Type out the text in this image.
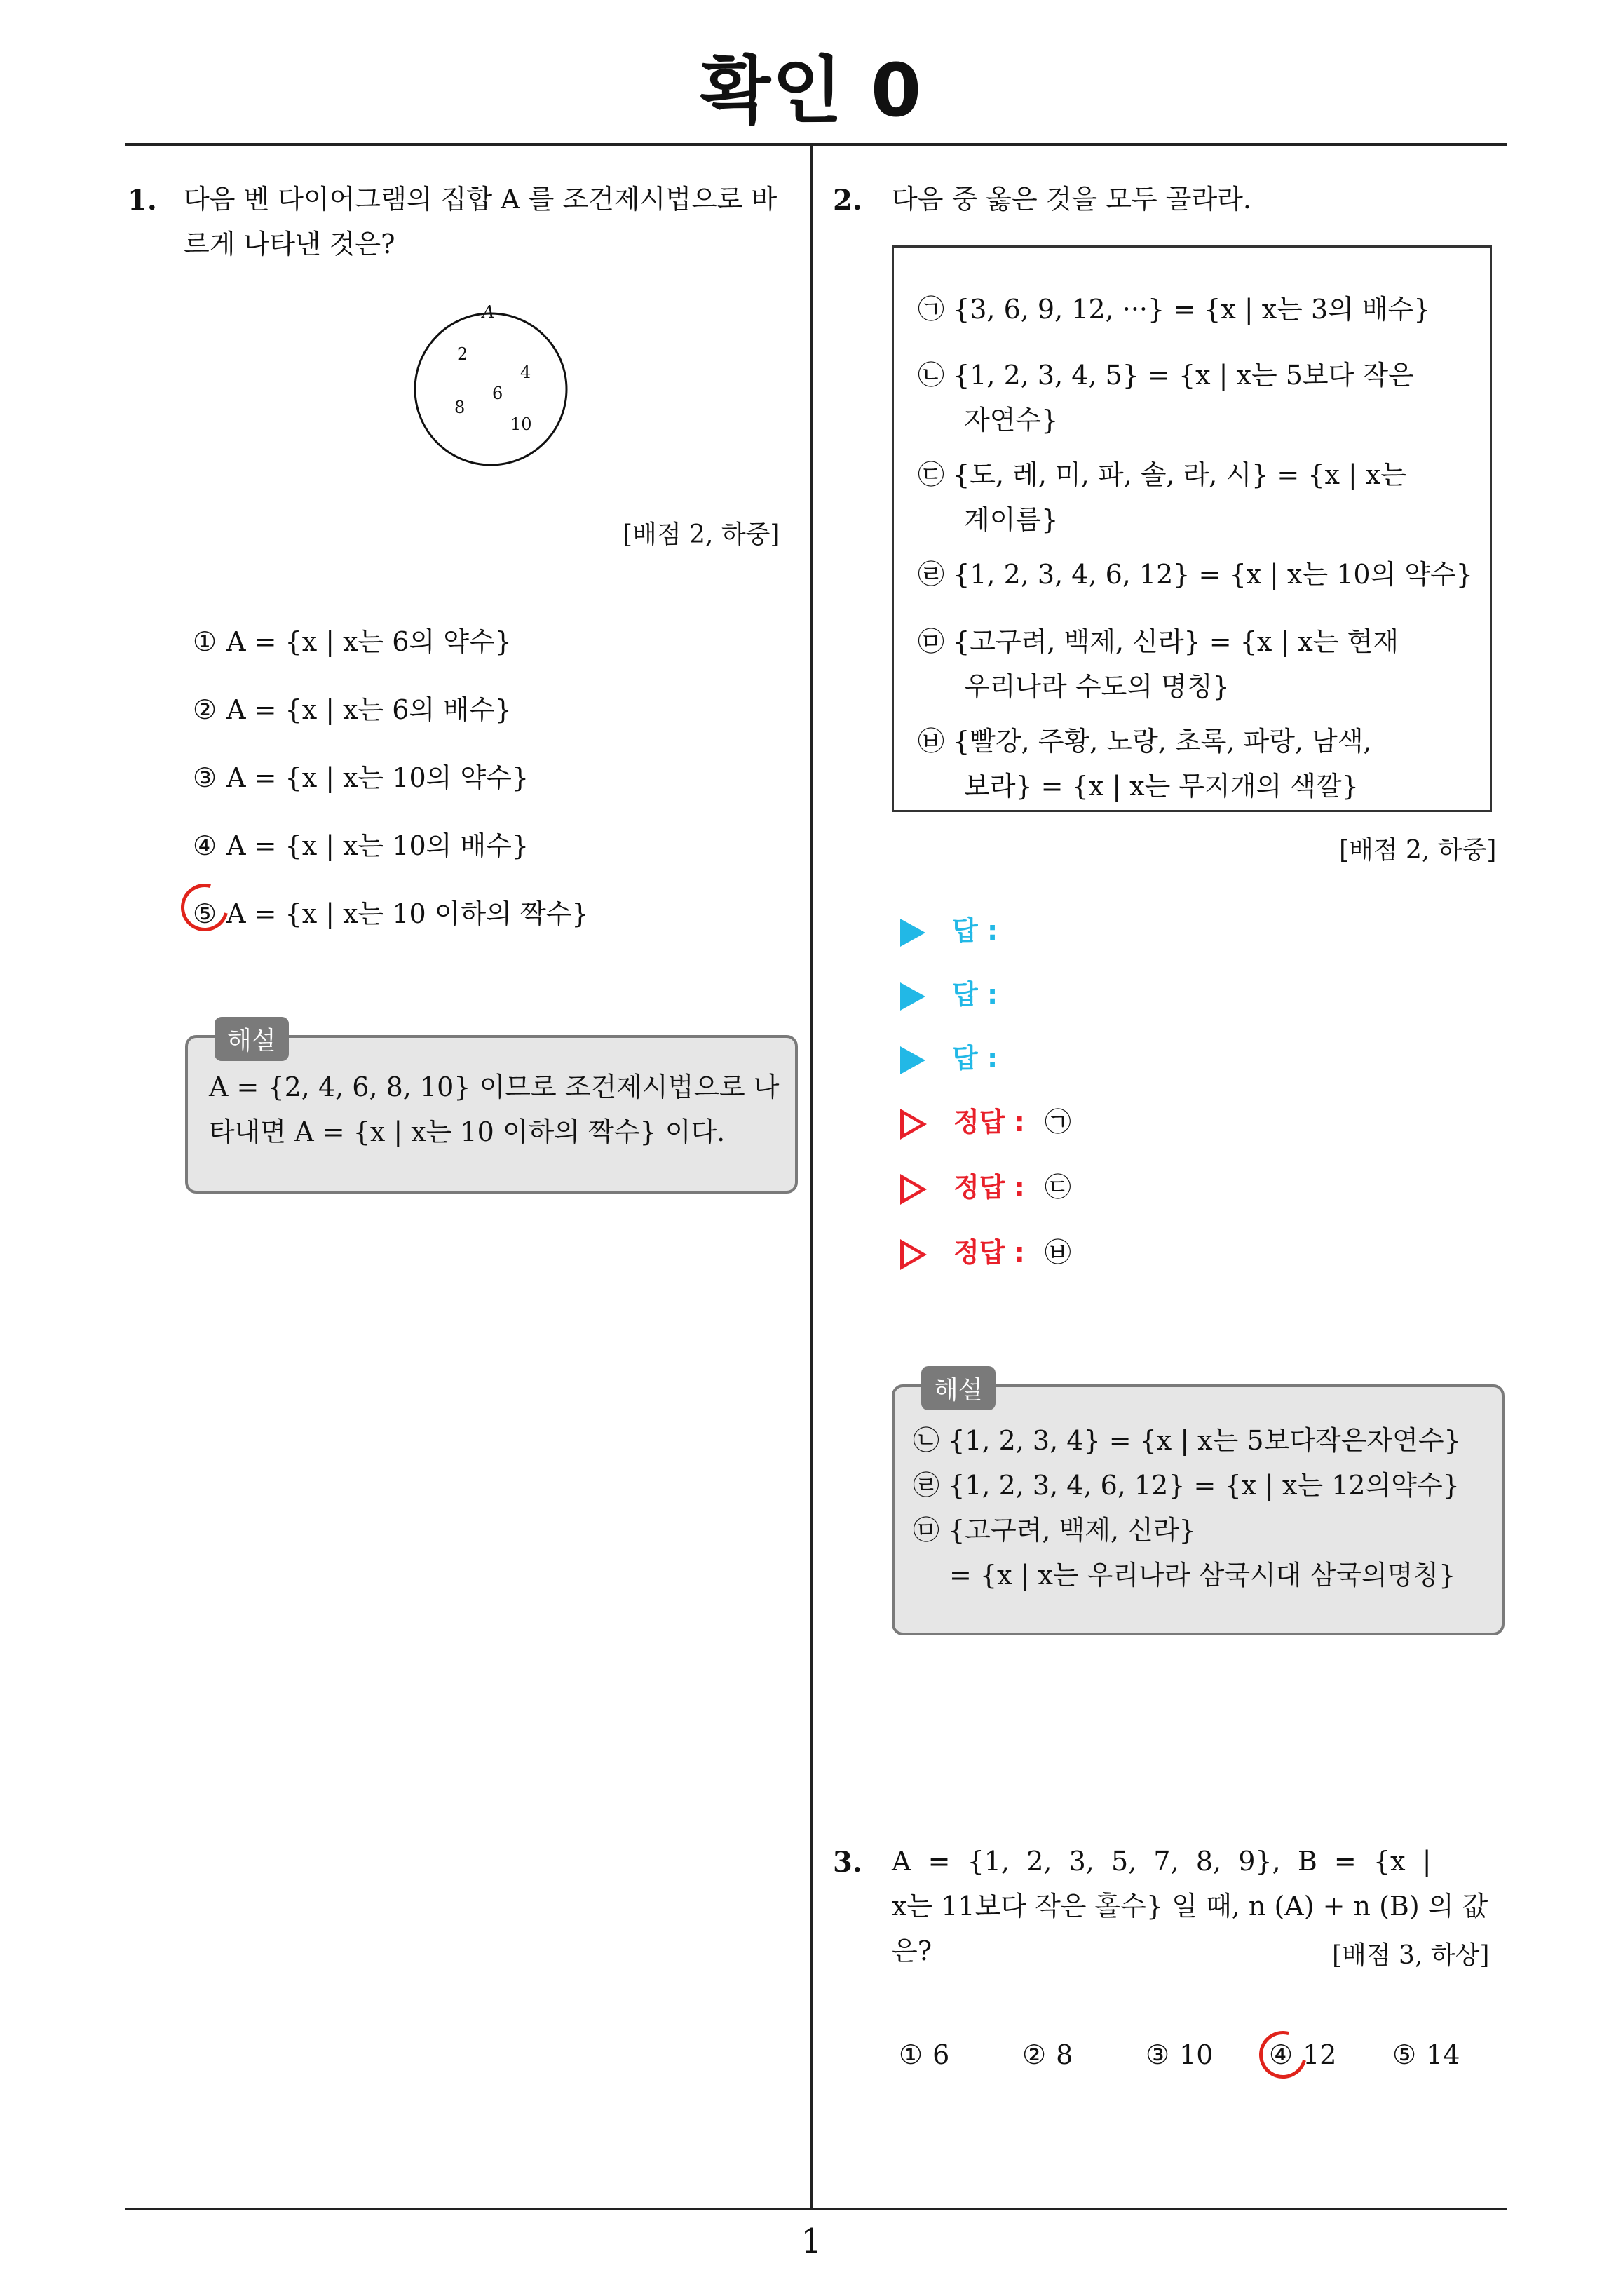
확인 0
1
1. 다음 벤 다이어그램의 집합 A 를 조건제시법으로 바
르게 나타낸 것은?
A
2
4
6
8
10
[배점 2, 하중]
① A = {x | x는 6의 약수}
② A = {x | x는 6의 배수}
③ A = {x | x는 10의 약수}
④ A = {x | x는 10의 배수}
⑤ A = {x | x는 10 이하의 짝수}
해설
A = {2, 4, 6, 8, 10} 이므로 조건제시법으로 나
타내면 A = {x | x는 10 이하의 짝수} 이다.
2. 다음 중 옳은 것을 모두 골라라.
㉠ {3, 6, 9, 12, ···} = {x | x는 3의 배수}
㉡ {1, 2, 3, 4, 5} = {x | x는 5보다 작은
자연수}
㉢ {도, 레, 미, 파, 솔, 라, 시} = {x | x는
계이름}
㉣ {1, 2, 3, 4, 6, 12} = {x | x는 10의 약수}
㉤ {고구려, 백제, 신라} = {x | x는 현재
우리나라 수도의 명칭}
㉥ {빨강, 주황, 노랑, 초록, 파랑, 남색,
보라} = {x | x는 무지개의 색깔}
[배점 2, 하중]
답 :
답 :
답 :
정답 : ㉠
정답 : ㉢
정답 : ㉥
해설
㉡ {1, 2, 3, 4} = {x | x는 5보다작은자연수}
㉣ {1, 2, 3, 4, 6, 12} = {x | x는 12의약수}
㉤ {고구려, 백제, 신라}
= {x | x는 우리나라 삼국시대 삼국의명칭}
3. A  =  {1,  2,  3,  5,  7,  8,  9},  B  =  {x  |
x는 11보다 작은 홀수} 일 때, n (A) + n (B) 의 값
은?	[배점 3, 하상]
① 6	② 8	③ 10 ④ 12 ⑤ 14
